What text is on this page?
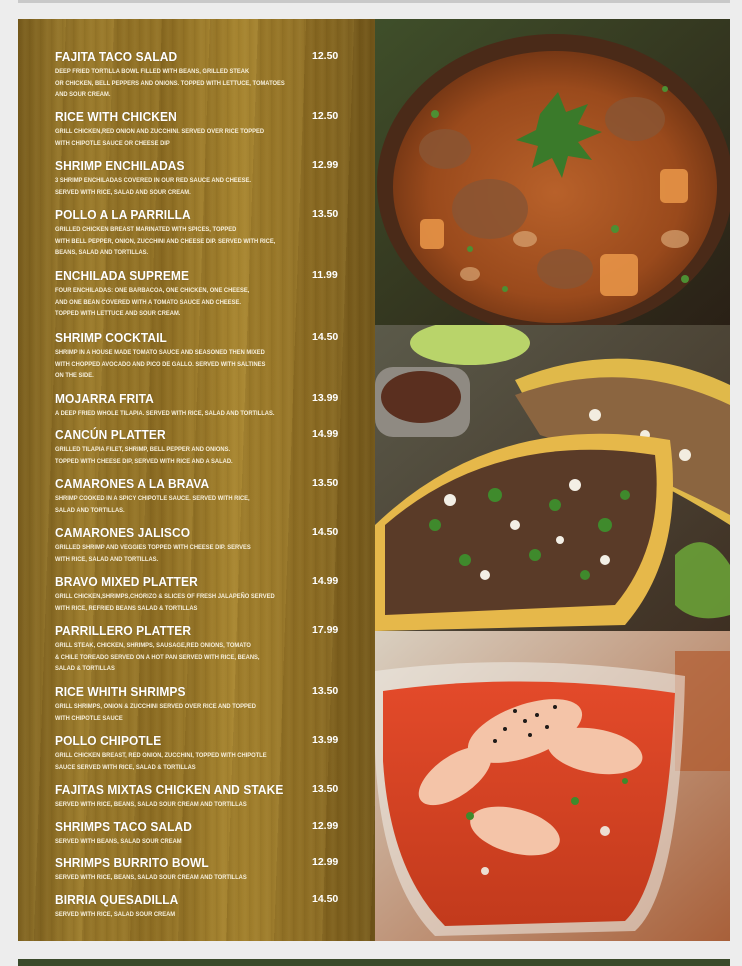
FAJITA TACO SALAD	12.50
DEEP FRIED TORTILLA BOWL FILLED WITH BEANS, GRILLED STEAK
OR CHICKEN, BELL PEPPERS AND ONIONS. TOPPED WITH LETTUCE, TOMATOES
AND SOUR CREAM.
RICE WITH CHICKEN	12.50
GRILL CHICKEN,RED ONION AND ZUCCHINI. SERVED OVER RICE TOPPED
WITH CHIPOTLE SAUCE OR CHEESE DIP
SHRIMP ENCHILADAS	12.99
3 SHRIMP ENCHILADAS COVERED IN OUR RED SAUCE AND CHEESE.
SERVED WITH RICE, SALAD AND SOUR CREAM.
POLLO A LA PARRILLA	13.50
GRILLED CHICKEN BREAST MARINATED WITH SPICES, TOPPED
WITH BELL PEPPER, ONION, ZUCCHINI AND CHEESE DIP. SERVED WITH RICE,
BEANS, SALAD AND TORTILLAS.
ENCHILADA SUPREME	11.99
FOUR ENCHILADAS: ONE BARBACOA, ONE CHICKEN, ONE CHEESE,
AND ONE BEAN COVERED WITH A TOMATO SAUCE AND CHEESE.
TOPPED WITH LETTUCE AND SOUR CREAM.
SHRIMP COCKTAIL	14.50
SHRIMP IN A HOUSE MADE TOMATO SAUCE AND SEASONED THEN MIXED
WITH CHOPPED AVOCADO AND PICO DE GALLO. SERVED WITH SALTINES
ON THE SIDE.
MOJARRA FRITA	13.99
A DEEP FRIED WHOLE TILAPIA. SERVED WITH RICE, SALAD AND TORTILLAS.
CANCÚN PLATTER	14.99
GRILLED TILAPIA FILET, SHRIMP, BELL PEPPER AND ONIONS.
TOPPED WITH CHEESE DIP, SERVED WITH RICE AND A SALAD.
CAMARONES A LA BRAVA	13.50
SHRIMP COOKED IN A SPICY CHIPOTLE SAUCE. SERVED WITH RICE,
SALAD AND TORTILLAS.
CAMARONES JALISCO	14.50
GRILLED SHRIMP AND VEGGIES TOPPED WITH CHEESE DIP. SERVES
WITH RICE, SALAD AND TORTILLAS.
BRAVO MIXED PLATTER	14.99
GRILL CHICKEN,SHRIMPS,CHORIZO & SLICES OF FRESH JALAPEÑO SERVED
WITH RICE, REFRIED BEANS SALAD & TORTILLAS
PARRILLERO PLATTER	17.99
GRILL STEAK, CHICKEN, SHRIMPS, SAUSAGE,RED ONIONS, TOMATO
& CHILE TOREADO SERVED ON A HOT PAN SERVED WITH RICE, BEANS,
SALAD & TORTILLAS
RICE WHITH SHRIMPS	13.50
GRILL SHRIMPS, ONION & ZUCCHINI SERVED OVER RICE AND TOPPED
WITH CHIPOTLE SAUCE
POLLO CHIPOTLE	13.99
GRILL CHICKEN BREAST, RED ONION, ZUCCHINI, TOPPED WITH CHIPOTLE
SAUCE SERVED WITH RICE, SALAD & TORTILLAS
FAJITAS MIXTAS CHICKEN AND STAKE	13.50
SERVED WITH RICE, BEANS, SALAD SOUR CREAM AND TORTILLAS
SHRIMPS TACO SALAD	12.99
SERVED WITH BEANS, SALAD SOUR CREAM
SHRIMPS BURRITO BOWL	12.99
SERVED WITH RICE, BEANS, SALAD SOUR CREAM AND TORTILLAS
BIRRIA QUESADILLA	14.50
SERVED WITH RICE, SALAD SOUR CREAM
